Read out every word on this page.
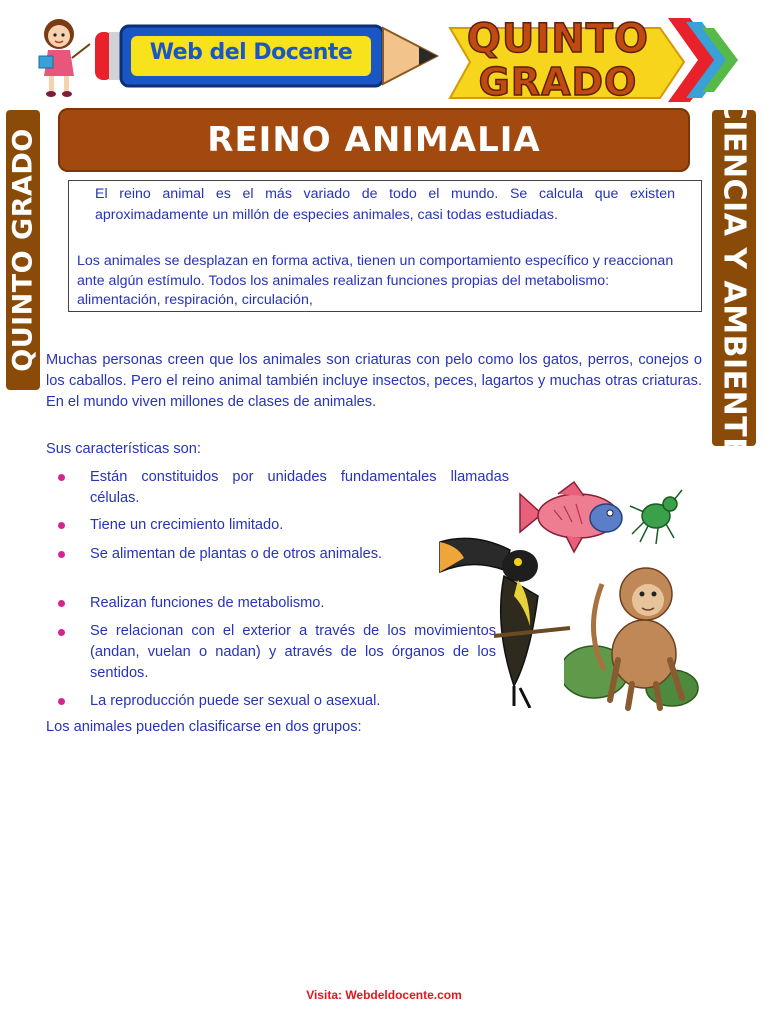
Web del Docente	QUINTO
GRADO
REINO ANIMALIA
QUINTO GRADO	CIENCIA Y AMBIENTE
El reino animal es el más variado de todo el mundo. Se calcula que existen aproximadamente un millón de especies animales, casi todas estudiadas.
Los animales se desplazan en forma activa, tienen un comportamiento específico y reaccionan ante algún estímulo. Todos los animales realizan funciones propias del metabolismo: alimentación, respiración, circulación,
Muchas personas creen que los animales son criaturas con pelo como los gatos, perros, conejos o los caballos. Pero el reino animal también incluye insectos, peces, lagartos y muchas otras criaturas. En el mundo viven millones de clases de animales.
Sus características son:
Están constituidos por unidades fundamentales llamadas células.
Tiene un crecimiento limitado.
Se alimentan de plantas o de otros animales.
Realizan funciones de metabolismo.
Se relacionan con el exterior a través de los movimientos (andan, vuelan o nadan) y através de los órganos de los sentidos.
La reproducción puede ser sexual o asexual.
Los animales pueden clasificarse en dos grupos:
Visita: Webdeldocente.com
